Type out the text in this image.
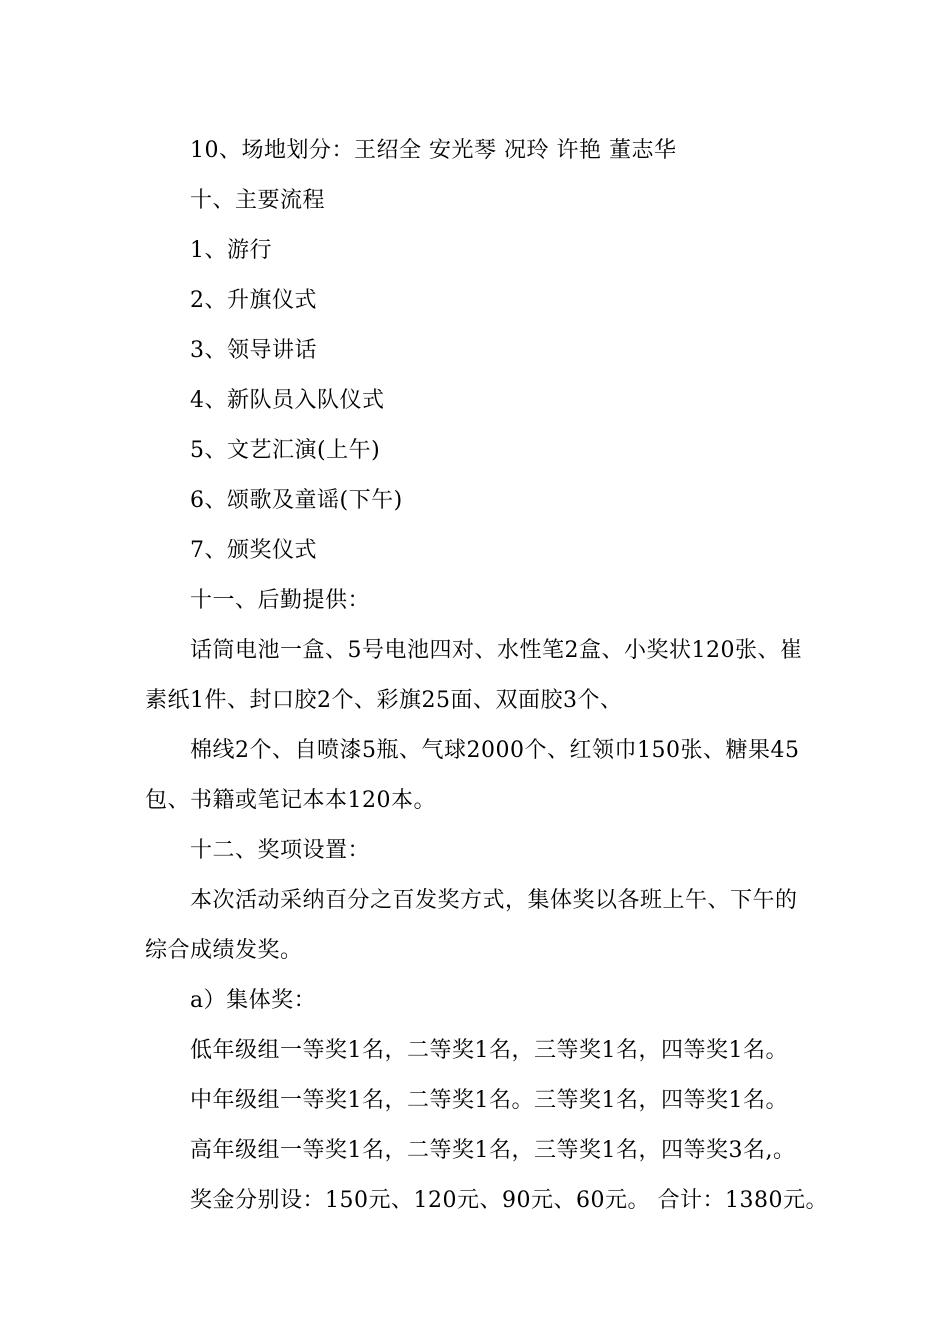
10、场地划分：王绍全 安光琴 况玲 许艳 董志华
十、主要流程
1、游行
2、升旗仪式
3、领导讲话
4、新队员入队仪式
5、文艺汇演(上午)
6、颂歌及童谣(下午)
7、颁奖仪式
十一、后勤提供：
话筒电池一盒、5号电池四对、水性笔2盒、小奖状120张、崔
素纸1件、封口胶2个、彩旗25面、双面胶3个、
棉线2个、自喷漆5瓶、气球2000个、红领巾150张、糖果45
包、书籍或笔记本本120本。
十二、奖项设置：
本次活动采纳百分之百发奖方式，集体奖以各班上午、下午的
综合成绩发奖。
a）集体奖：
低年级组一等奖1名，二等奖1名，三等奖1名，四等奖1名。
中年级组一等奖1名，二等奖1名。三等奖1名，四等奖1名。
高年级组一等奖1名，二等奖1名，三等奖1名，四等奖3名,。
奖金分别设：150元、120元、90元、60元。 合计：1380元。
